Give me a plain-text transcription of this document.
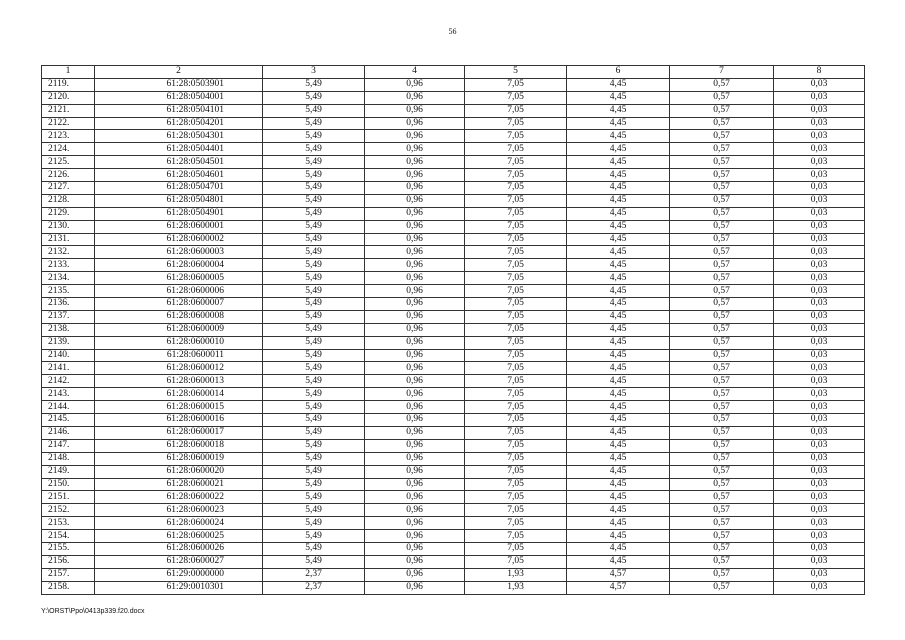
56
1	2	3	4	5	6	7	8
2119.	61:28:0503901	5,49	0,96	7,05	4,45	0,57	0,03
2120.	61:28:0504001	5,49	0,96	7,05	4,45	0,57	0,03
2121.	61:28:0504101	5,49	0,96	7,05	4,45	0,57	0,03
2122.	61:28:0504201	5,49	0,96	7,05	4,45	0,57	0,03
2123.	61:28:0504301	5,49	0,96	7,05	4,45	0,57	0,03
2124.	61:28:0504401	5,49	0,96	7,05	4,45	0,57	0,03
2125.	61:28:0504501	5,49	0,96	7,05	4,45	0,57	0,03
2126.	61:28:0504601	5,49	0,96	7,05	4,45	0,57	0,03
2127.	61:28:0504701	5,49	0,96	7,05	4,45	0,57	0,03
2128.	61:28:0504801	5,49	0,96	7,05	4,45	0,57	0,03
2129.	61:28:0504901	5,49	0,96	7,05	4,45	0,57	0,03
2130.	61:28:0600001	5,49	0,96	7,05	4,45	0,57	0,03
2131.	61:28:0600002	5,49	0,96	7,05	4,45	0,57	0,03
2132.	61:28:0600003	5,49	0,96	7,05	4,45	0,57	0,03
2133.	61:28:0600004	5,49	0,96	7,05	4,45	0,57	0,03
2134.	61:28:0600005	5,49	0,96	7,05	4,45	0,57	0,03
2135.	61:28:0600006	5,49	0,96	7,05	4,45	0,57	0,03
2136.	61:28:0600007	5,49	0,96	7,05	4,45	0,57	0,03
2137.	61:28:0600008	5,49	0,96	7,05	4,45	0,57	0,03
2138.	61:28:0600009	5,49	0,96	7,05	4,45	0,57	0,03
2139.	61:28:0600010	5,49	0,96	7,05	4,45	0,57	0,03
2140.	61:28:0600011	5,49	0,96	7,05	4,45	0,57	0,03
2141.	61:28:0600012	5,49	0,96	7,05	4,45	0,57	0,03
2142.	61:28:0600013	5,49	0,96	7,05	4,45	0,57	0,03
2143.	61:28:0600014	5,49	0,96	7,05	4,45	0,57	0,03
2144.	61:28:0600015	5,49	0,96	7,05	4,45	0,57	0,03
2145.	61:28:0600016	5,49	0,96	7,05	4,45	0,57	0,03
2146.	61:28:0600017	5,49	0,96	7,05	4,45	0,57	0,03
2147.	61:28:0600018	5,49	0,96	7,05	4,45	0,57	0,03
2148.	61:28:0600019	5,49	0,96	7,05	4,45	0,57	0,03
2149.	61:28:0600020	5,49	0,96	7,05	4,45	0,57	0,03
2150.	61:28:0600021	5,49	0,96	7,05	4,45	0,57	0,03
2151.	61:28:0600022	5,49	0,96	7,05	4,45	0,57	0,03
2152.	61:28:0600023	5,49	0,96	7,05	4,45	0,57	0,03
2153.	61:28:0600024	5,49	0,96	7,05	4,45	0,57	0,03
2154.	61:28:0600025	5,49	0,96	7,05	4,45	0,57	0,03
2155.	61:28:0600026	5,49	0,96	7,05	4,45	0,57	0,03
2156.	61:28:0600027	5,49	0,96	7,05	4,45	0,57	0,03
2157.	61:29:0000000	2,37	0,96	1,93	4,57	0,57	0,03
2158.	61:29:0010301	2,37	0,96	1,93	4,57	0,57	0,03
Y:\ORST\Ppo\0413p339.f20.docx
